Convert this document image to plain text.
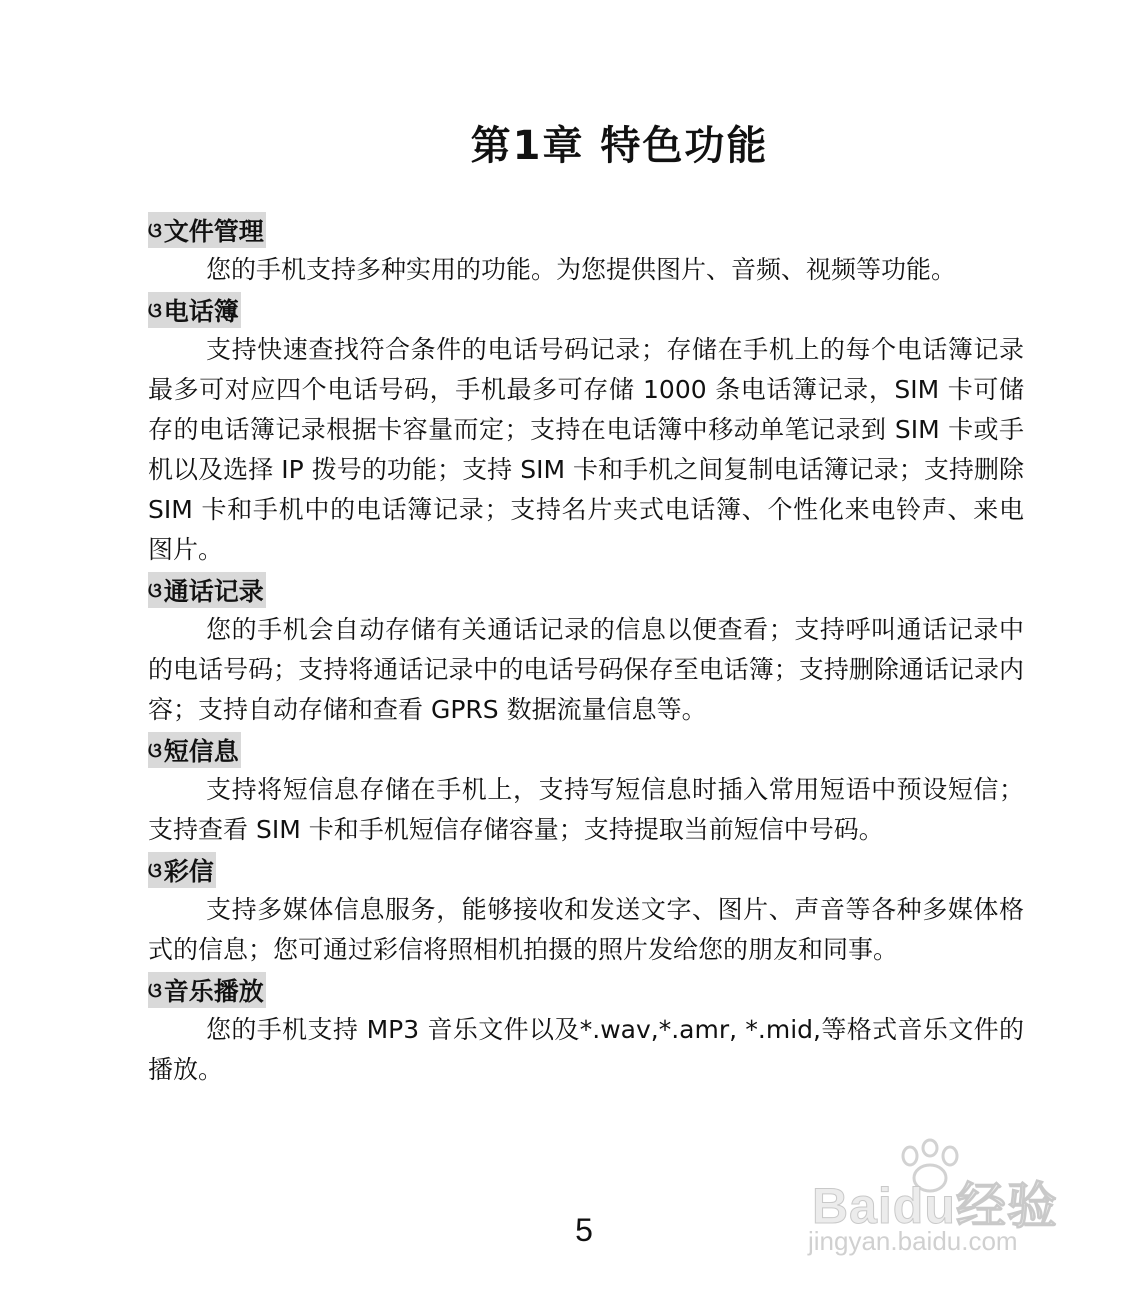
第1章 特色功能
ଓ 文件管理

您的手机支持多种实用的功能。为您提供图片、音频、视频等功能。

ଓ 电话簿

支持快速查找符合条件的电话号码记录；存储在手机上的每个电话簿记录最多可对应四个电话号码，手机最多可存储 1000 条电话簿记录，SIM 卡可储存的电话簿记录根据卡容量而定；支持在电话簿中移动单笔记录到 SIM 卡或手机以及选择 IP 拨号的功能；支持 SIM 卡和手机之间复制电话簿记录；支持删除 SIM 卡和手机中的电话簿记录；支持名片夹式电话簿、个性化来电铃声、来电图片。

ଓ 通话记录

您的手机会自动存储有关通话记录的信息以便查看；支持呼叫通话记录中的电话号码；支持将通话记录中的电话号码保存至电话簿；支持删除通话记录内容；支持自动存储和查看 GPRS 数据流量信息等。

ଓ 短信息

支持将短信息存储在手机上，支持写短信息时插入常用短语中预设短信；支持查看 SIM 卡和手机短信存储容量；支持提取当前短信中号码。

ଓ 彩信

支持多媒体信息服务，能够接收和发送文字、图片、声音等各种多媒体格式的信息；您可通过彩信将照相机拍摄的照片发给您的朋友和同事。

ଓ 音乐播放

您的手机支持 MP3 音乐文件以及*.wav,*.amr, *.mid,等格式音乐文件的播放。

5	Baidu经验
jingyan.baidu.com
